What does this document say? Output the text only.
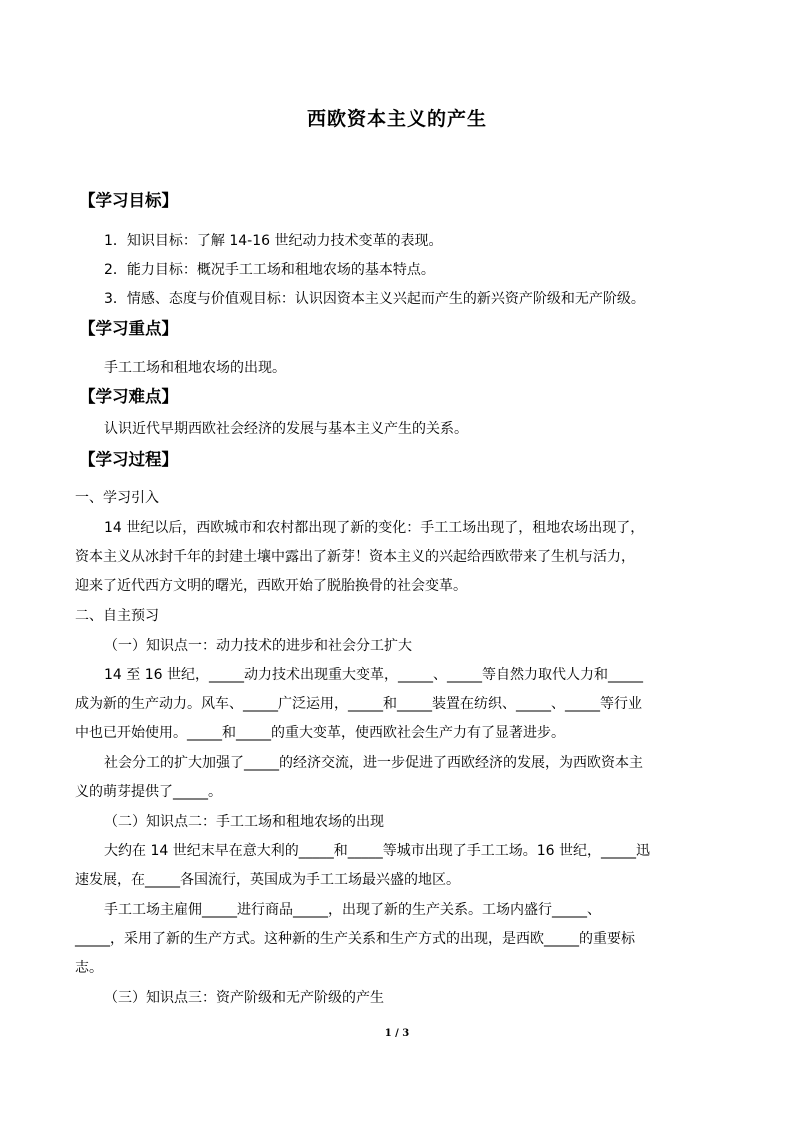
西欧资本主义的产生
【学习目标】
1．知识目标：了解 14-16 世纪动力技术变革的表现。
2．能力目标：概况手工工场和租地农场的基本特点。
3．情感、态度与价值观目标：认识因资本主义兴起而产生的新兴资产阶级和无产阶级。
【学习重点】
手工工场和租地农场的出现。
【学习难点】
认识近代早期西欧社会经济的发展与基本主义产生的关系。
【学习过程】
一、学习引入
14 世纪以后，西欧城市和农村都出现了新的变化：手工工场出现了，租地农场出现了，
资本主义从冰封千年的封建土壤中露出了新芽！资本主义的兴起给西欧带来了生机与活力，
迎来了近代西方文明的曙光，西欧开始了脱胎换骨的社会变革。
二、自主预习
（一）知识点一：动力技术的进步和社会分工扩大
14 至 16 世纪，_____动力技术出现重大变革，_____、_____等自然力取代人力和_____
成为新的生产动力。风车、_____广泛运用，_____和_____装置在纺织、_____、_____等行业
中也已开始使用。_____和_____的重大变革，使西欧社会生产力有了显著进步。
社会分工的扩大加强了_____的经济交流，进一步促进了西欧经济的发展，为西欧资本主
义的萌芽提供了_____。
（二）知识点二：手工工场和租地农场的出现
大约在 14 世纪末早在意大利的_____和_____等城市出现了手工工场。16 世纪，_____迅
速发展，在_____各国流行，英国成为手工工场最兴盛的地区。
手工工场主雇佣_____进行商品_____，出现了新的生产关系。工场内盛行_____、
_____，采用了新的生产方式。这种新的生产关系和生产方式的出现，是西欧_____的重要标
志。
（三）知识点三：资产阶级和无产阶级的产生
1 / 3
